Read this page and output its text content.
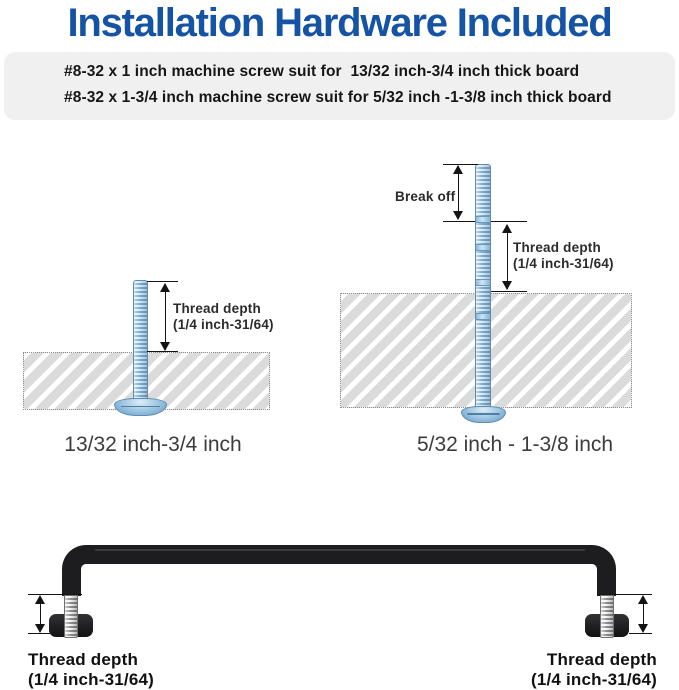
Installation Hardware Included
#8-32 x 1 inch machine screw suit for  13/32 inch-3/4 inch thick board
#8-32 x 1-3/4 inch machine screw suit for 5/32 inch -1-3/8 inch thick board
Thread depth
(1/4 inch-31/64)
13/32 inch-3/4 inch
Break off
Thread depth
(1/4 inch-31/64)
5/32 inch - 1-3/8 inch
Thread depth
(1/4 inch-31/64)
Thread depth
(1/4 inch-31/64)
